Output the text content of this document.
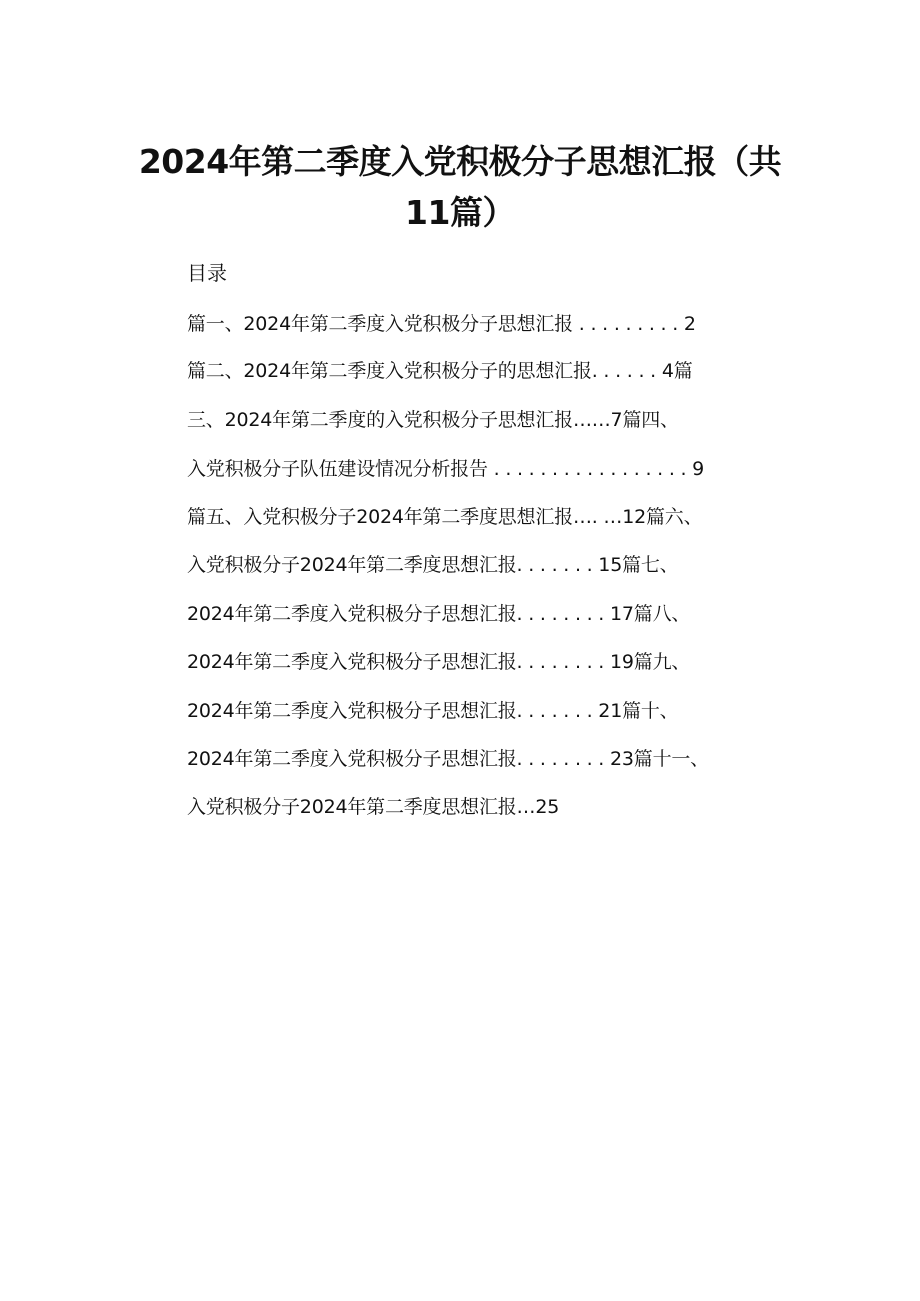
2024年第二季度入党积极分子思想汇报（共
11篇）
目录
篇一、2024年第二季度入党积极分子思想汇报 . . . . . . . . . 2
篇二、2024年第二季度入党积极分子的思想汇报. . . . . . 4篇
三、2024年第二季度的入党积极分子思想汇报……7篇四、
入党积极分子队伍建设情况分析报告 . . . . . . . . . . . . . . . . . 9
篇五、入党积极分子2024年第二季度思想汇报…. …12篇六、
入党积极分子2024年第二季度思想汇报. . . . . . . 15篇七、
2024年第二季度入党积极分子思想汇报. . . . . . . . 17篇八、
2024年第二季度入党积极分子思想汇报. . . . . . . . 19篇九、
2024年第二季度入党积极分子思想汇报. . . . . . . 21篇十、
2024年第二季度入党积极分子思想汇报. . . . . . . . 23篇十一、
入党积极分子2024年第二季度思想汇报…25
